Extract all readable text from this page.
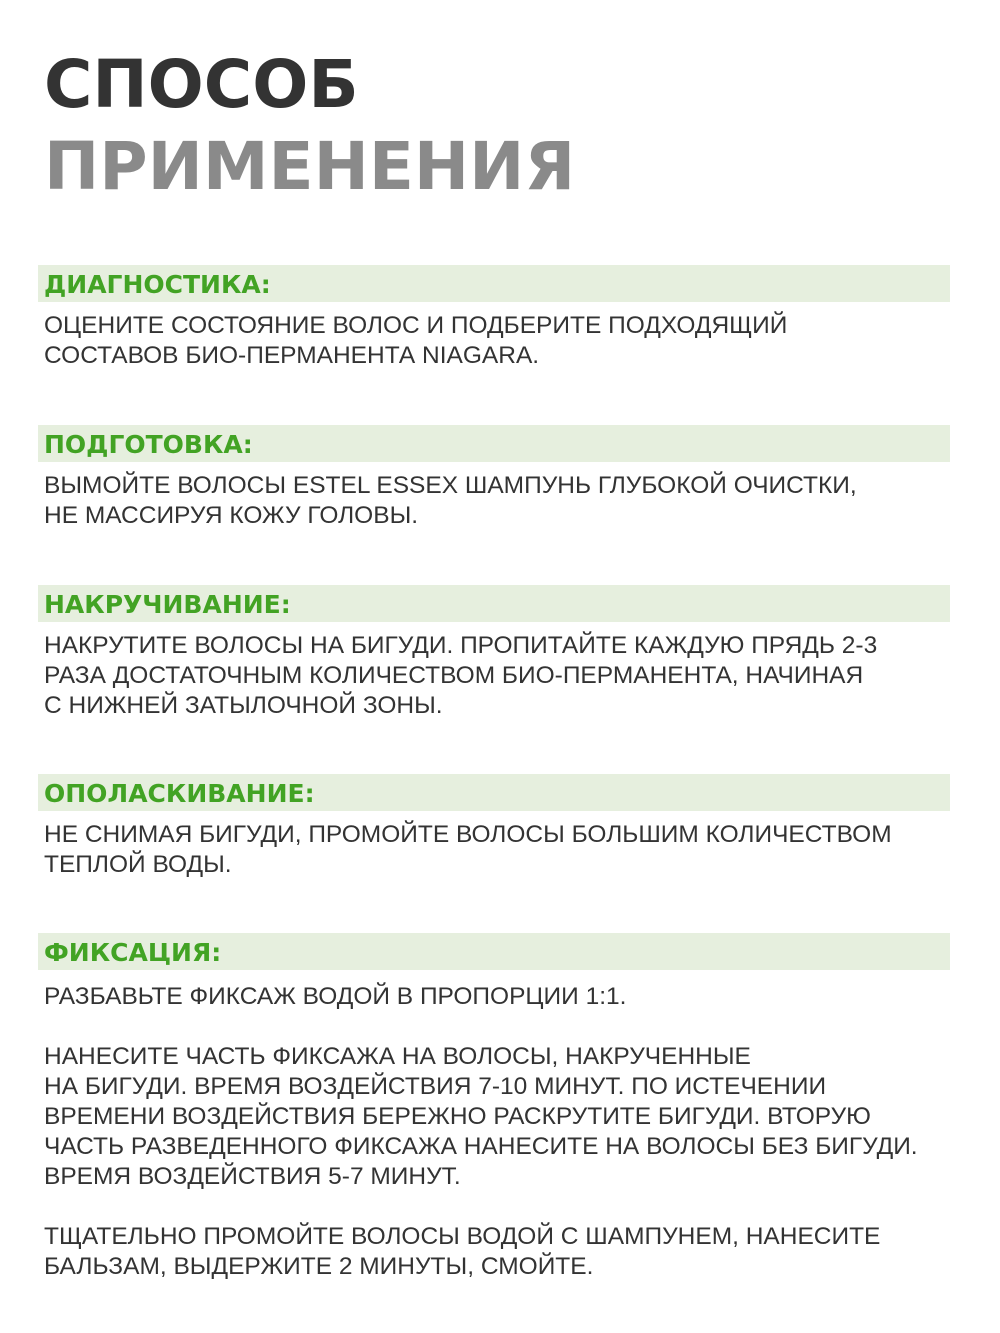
СПОСОБ
ПРИМЕНЕНИЯ
ДИАГНОСТИКА:

ОЦЕНИТЕ СОСТОЯНИЕ ВОЛОС И ПОДБЕРИТЕ ПОДХОДЯЩИЙ
СОСТАВОВ БИО-ПЕРМАНЕНТА NIAGARA.

ПОДГОТОВКА:

ВЫМОЙТЕ ВОЛОСЫ ESTEL ESSEX ШАМПУНЬ ГЛУБОКОЙ ОЧИСТКИ,
НЕ МАССИРУЯ КОЖУ ГОЛОВЫ.

НАКРУЧИВАНИЕ:

НАКРУТИТЕ ВОЛОСЫ НА БИГУДИ. ПРОПИТАЙТЕ КАЖДУЮ ПРЯДЬ 2-3
РАЗА ДОСТАТОЧНЫМ КОЛИЧЕСТВОМ БИО-ПЕРМАНЕНТА, НАЧИНАЯ
С НИЖНЕЙ ЗАТЫЛОЧНОЙ ЗОНЫ.

ОПОЛАСКИВАНИЕ:

НЕ СНИМАЯ БИГУДИ, ПРОМОЙТЕ ВОЛОСЫ БОЛЬШИМ КОЛИЧЕСТВОМ
ТЕПЛОЙ ВОДЫ.

ФИКСАЦИЯ:

РАЗБАВЬТЕ ФИКСАЖ ВОДОЙ В ПРОПОРЦИИ 1:1.

НАНЕСИТЕ ЧАСТЬ ФИКСАЖА НА ВОЛОСЫ, НАКРУЧЕННЫЕ
НА БИГУДИ. ВРЕМЯ ВОЗДЕЙСТВИЯ 7-10 МИНУТ. ПО ИСТЕЧЕНИИ
ВРЕМЕНИ ВОЗДЕЙСТВИЯ БЕРЕЖНО РАСКРУТИТЕ БИГУДИ. ВТОРУЮ
ЧАСТЬ РАЗВЕДЕННОГО ФИКСАЖА НАНЕСИТЕ НА ВОЛОСЫ БЕЗ БИГУДИ.
ВРЕМЯ ВОЗДЕЙСТВИЯ 5-7 МИНУТ.

ТЩАТЕЛЬНО ПРОМОЙТЕ ВОЛОСЫ ВОДОЙ С ШАМПУНЕМ, НАНЕСИТЕ
БАЛЬЗАМ, ВЫДЕРЖИТЕ 2 МИНУТЫ, СМОЙТЕ.
